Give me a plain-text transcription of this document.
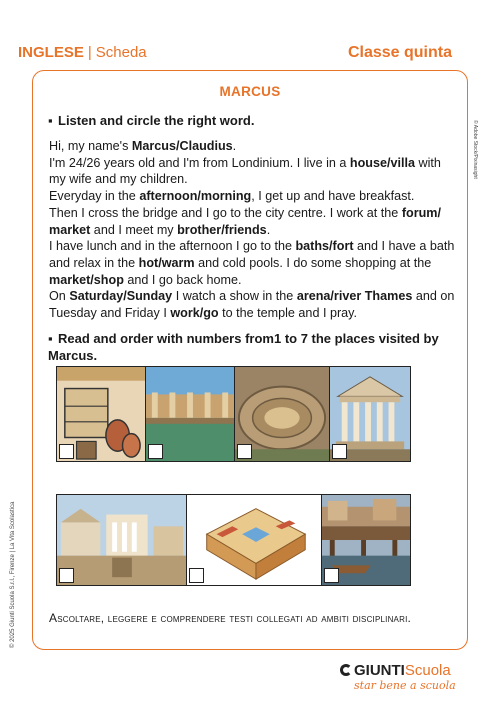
INGLESE | Scheda	Classe quinta
MARCUS
▪ Listen and circle the right word.

Hi, my name's Marcus/Claudius.

I'm 24/26 years old and I'm from Londinium. I live in a house/villa with my wife and my children.

Everyday in the afternoon/morning, I get up and have breakfast.

Then I cross the bridge and I go to the city centre. I work at the forum/ market and I meet my brother/friends.

I have lunch and in the afternoon I go to the baths/fort and I have a bath and relax in the hot/warm and cold pools. I do some shopping at the market/shop and I go back home.

On Saturday/Sunday I watch a show in the arena/river Thames and on Tuesday and Friday I work/go to the temple and I pray.

▪ Read and order with numbers from1 to 7 the places visited by Marcus.
Ascoltare, leggere e comprendere testi collegati ad ambiti disciplinari.
© Adobe Stock/Pixinasight
© 2025 Giunti Scuola S.r.l., Firenze | La Vita Scolastica
GIUNTIScuola
star bene a scuola
